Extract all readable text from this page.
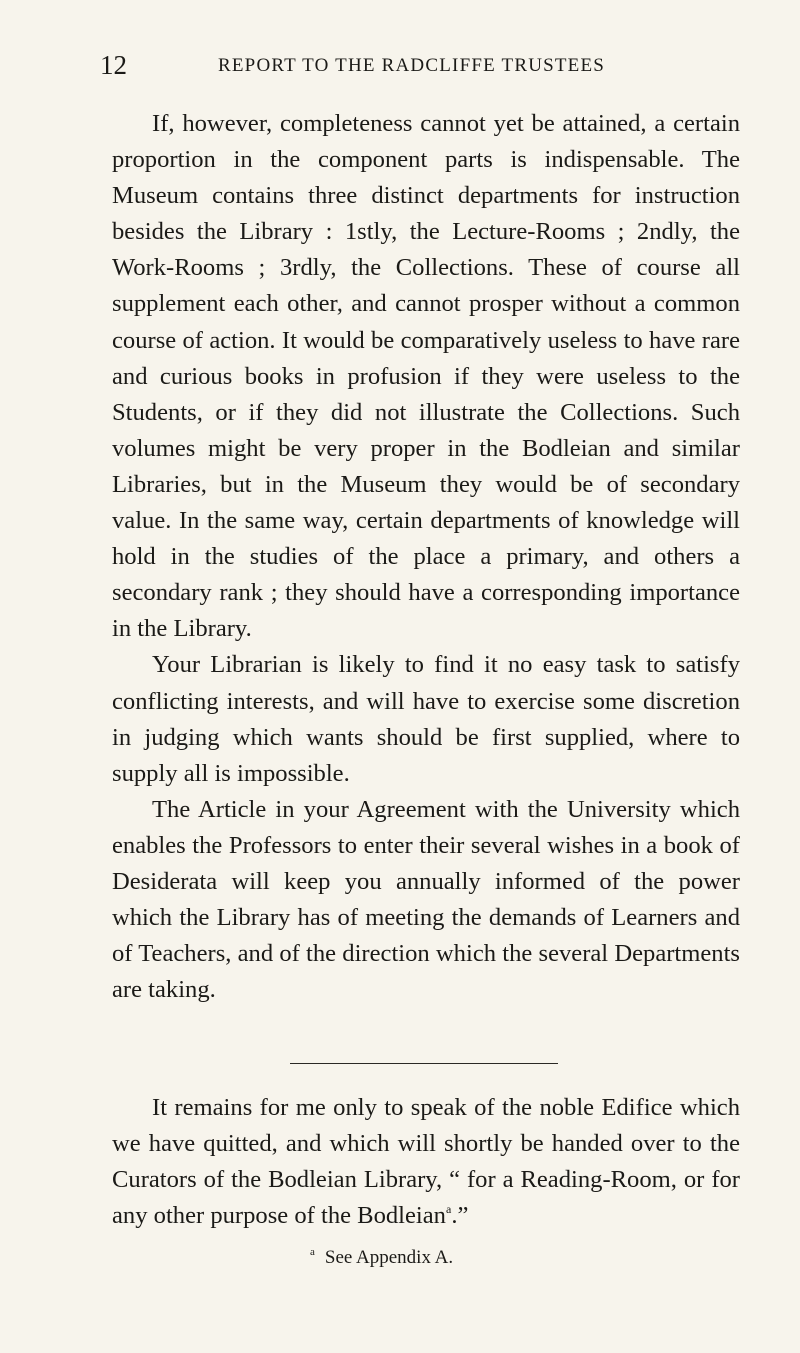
12	REPORT TO THE RADCLIFFE TRUSTEES

If, however, completeness cannot yet be attained, a certain proportion in the component parts is indispensable. The Museum contains three distinct departments for instruction besides the Library : 1stly, the Lecture-Rooms ; 2ndly, the Work-Rooms ; 3rdly, the Collections. These of course all supplement each other, and cannot prosper without a common course of action. It would be comparatively useless to have rare and curious books in profusion if they were useless to the Students, or if they did not illustrate the Collections. Such volumes might be very proper in the Bodleian and similar Libraries, but in the Museum they would be of secondary value. In the same way, certain departments of knowledge will hold in the studies of the place a primary, and others a secondary rank ; they should have a corresponding importance in the Library.

Your Librarian is likely to find it no easy task to satisfy conflicting interests, and will have to exercise some discretion in judging which wants should be first supplied, where to supply all is impossible.

The Article in your Agreement with the University which enables the Professors to enter their several wishes in a book of Desiderata will keep you annually informed of the power which the Library has of meeting the demands of Learners and of Teachers, and of the direction which the several Departments are taking.

It remains for me only to speak of the noble Edifice which we have quitted, and which will shortly be handed over to the Curators of the Bodleian Library, “ for a Reading-Room, or for any other purpose of the Bodleian$^a$.”

$^a$ See Appendix A.
